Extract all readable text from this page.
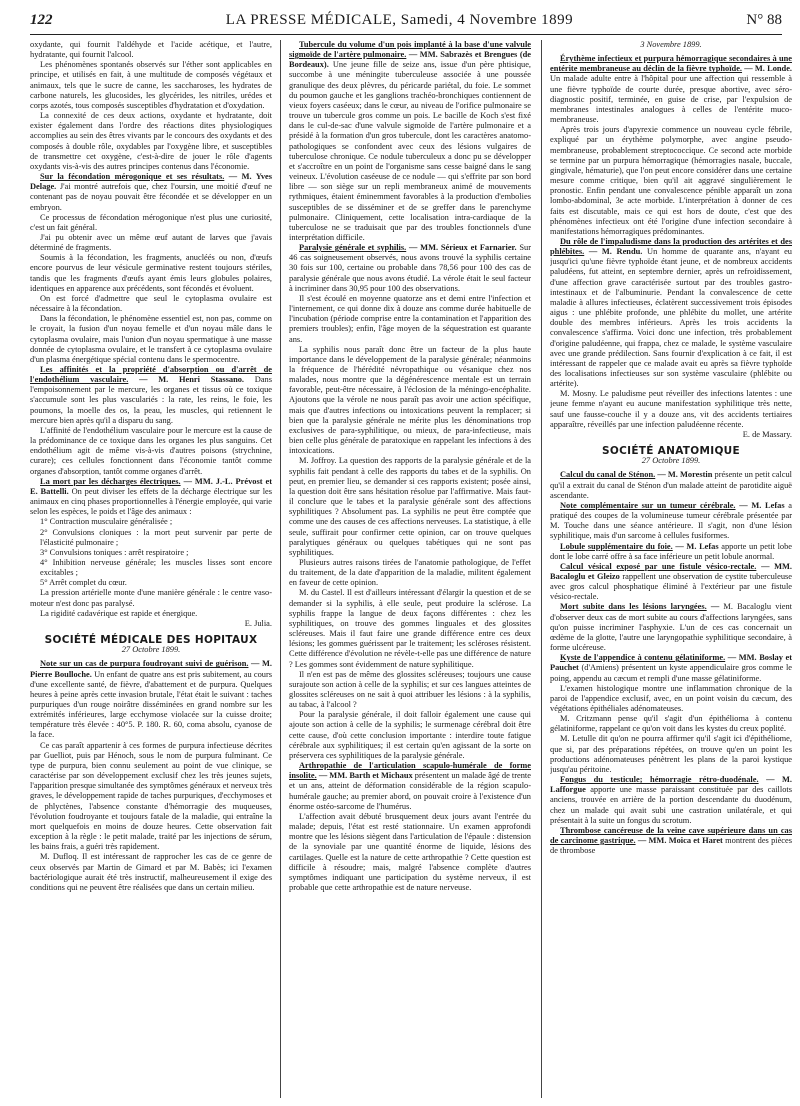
122	LA PRESSE MÉDICALE, Samedi, 4 Novembre 1899	N° 88

oxydante, qui fournit l'aldéhyde et l'acide acétique, et l'autre, hydratante, qui fournit l'alcool.

Les phénomènes spontanés observés sur l'éther sont applicables en principe, et utilisés en fait, à une multitude de composés végétaux et animaux, tels que le sucre de canne, les saccharoses, les hydrates de carbone naturels, les glucosides, les glycérides, les nitriles, urédes et corps azotés, tous composés susceptibles d'hydratation et d'oxydation.

La connexité de ces deux actions, oxydante et hydratante, doit exister également dans l'ordre des réactions dites physiologiques accomplies au sein des êtres vivants par le concours des oxydants et des composés à double rôle, oxydables par l'oxygène libre, et susceptibles de transmettre cet oxygène, c'est-à-dire de jouer le rôle d'agents oxydants vis-à-vis des autres principes contenus dans l'économie.

Sur la fécondation mérogonique et ses résultats. — M. Yves Delage. J'ai montré autrefois que, chez l'oursin, une moitié d'œuf ne contenant pas de noyau pouvait être fécondée et se développer en un embryon.

Ce processus de fécondation mérogonique n'est plus une curiosité, c'est un fait général.

J'ai pu obtenir avec un même œuf autant de larves que j'avais déterminé de fragments.

Soumis à la fécondation, les fragments, anucléés ou non, d'œufs encore pourvus de leur vésicule germinative restent toujours stériles, tandis que les fragments d'œufs ayant émis leurs globules polaires, identiques en apparence aux précédents, sont fécondés et évoluent.

On est forcé d'admettre que seul le cytoplasma ovulaire est nécessaire à la fécondation.

Dans la fécondation, le phénomène essentiel est, non pas, comme on le croyait, la fusion d'un noyau femelle et d'un noyau mâle dans le cytoplasma ovulaire, mais l'union d'un noyau spermatique à une masse donnée de cytoplasma ovulaire, et le transfert à ce cytoplasma ovulaire d'un plasma énergétique spécial contenu dans le spermocentre.

Les affinités et la propriété d'absorption ou d'arrêt de l'endothélium vasculaire. — M. Henri Stassano. Dans l'empoisonnement par le mercure, les organes et tissus où ce toxique s'accumule sont les plus vasculariés : la rate, les reins, le foie, les poumons, la moelle des os, la peau, les muscles, qui retiennent le mercure bien après qu'il a disparu du sang.

L'affinité de l'endothélium vasculaire pour le mercure est la cause de la prédominance de ce toxique dans les organes les plus sanguins. Cet endothélium agit de même vis-à-vis d'autres poisons (strychnine, curare); ces cellules fonctionnent dans l'économie tantôt comme organes d'absorption, tantôt comme organes d'arrêt.

La mort par les décharges électriques. — MM. J.-L. Prévost et E. Battelli. On peut diviser les effets de la décharge électrique sur les animaux en cinq phases proportionnelles à l'énergie employée, qui varie selon les espèces, le poids et l'âge des animaux :

1° Contraction musculaire généralisée ;

2° Convulsions cloniques : la mort peut survenir par perte de l'élasticité pulmonaire ;

3° Convulsions toniques : arrêt respiratoire ;

4° Inhibition nerveuse générale; les muscles lisses sont encore excitables ;

5° Arrêt complet du cœur.

La pression artérielle monte d'une manière générale : le centre vaso-moteur n'est donc pas paralysé.

La rigidité cadavérique est rapide et énergique.

E. Julia.
SOCIÉTÉ MÉDICALE DES HOPITAUX
27 Octobre 1899.

Note sur un cas de purpura foudroyant suivi de guérison. — M. Pierre Boulloche. Un enfant de quatre ans est pris subitement, au cours d'une excellente santé, de fièvre, d'abattement et de purpura. Quelques heures à peine après cette invasion brutale, l'état était le suivant : taches purpuriques d'un rouge noirâtre disséminées en grand nombre sur les extrémités inférieures, large ecchymose violacée sur la cuisse droite; température très élevée : 40°5. P. 180. R. 60, coma absolu, cyanose de la face.

Ce cas paraît appartenir à ces formes de purpura infectieuse décrites par Guelliot, puis par Hénoch, sous le nom de purpura fulminant. Ce type de purpura, bien connu seulement au point de vue clinique, se caractérise par son développement exclusif chez les très jeunes sujets, l'apparition presque simultanée des symptômes généraux et nerveux très graves, le développement rapide de taches purpuriques, d'ecchymoses et de phlyctènes, l'absence constante d'hémorragie des muqueuses, l'évolution foudroyante et toujours fatale de la maladie, qui entraîne la mort quelquefois en moins de douze heures. Cette observation fait exception à la règle : le petit malade, traité par les injections de sérum, les bains frais, a guéri très rapidement.

M. Dufloq. Il est intéressant de rapprocher les cas de ce genre de ceux observés par Martin de Gimard et par M. Babès; ici l'examen bactériologique aurait été très instructif, malheureusement il exige des conditions qui ne peuvent être réalisées que dans un certain milieu.

Tubercule du volume d'un pois implanté à la base d'une valvule sigmoïde de l'artère pulmonaire. — MM. Sabrazès et Brengues (de Bordeaux). Une jeune fille de seize ans, issue d'un père phtisique, succombe à une méningite tuberculeuse associée à une poussée granulique des deux plèvres, du péricarde pariétal, du foie. Le sommet du poumon gauche et les ganglions trachéo-bronchiques contiennent de vieux foyers caséeux; dans le cœur, au niveau de l'orifice pulmonaire se trouve un tubercule gros comme un pois. Le bacille de Koch s'est fixé dans le cul-de-sac d'une valvule sigmoïde de l'artère pulmonaire et a présidé à la formation d'un gros tubercule, dont les caractères anatomo-pathologiques se confondent avec ceux des lésions vulgaires de tuberculose chronique. Ce nodule tuberculeux a donc pu se développer et s'accroître en un point de l'organisme sans cesse baigné dans le sang veineux. L'évolution caséeuse de ce nodule — qui s'effrite par son bord libre — son siège sur un repli membraneux animé de mouvements rythmiques, étaient éminemment favorables à la production d'embolies susceptibles de se disséminer et de se greffer dans le parenchyme pulmonaire. Cliniquement, cette localisation intra-cardiaque de la tuberculose ne se traduisait que par des troubles fonctionnels d'une interprétation difficile.

Paralysie générale et syphilis. — MM. Sérieux et Farnarier. Sur 46 cas soigneusement observés, nous avons trouvé la syphilis certaine 30 fois sur 100, certaine ou probable dans 78,56 pour 100 des cas de paralysie générale que nous avons étudié. La vérole était le seul facteur à incriminer dans 30,95 pour 100 des observations.

Il s'est écoulé en moyenne quatorze ans et demi entre l'infection et l'internement, ce qui donne dix à douze ans comme durée habituelle de l'incubation (période comprise entre la contamination et l'apparition des premiers troubles); enfin, l'âge moyen de la séquestration est quarante ans.

La syphilis nous paraît donc être un facteur de la plus haute importance dans le développement de la paralysie générale; néanmoins la fréquence de l'hérédité névropathique ou vésanique chez nos malades, nous montre que la dégénérescence mentale est un terrain favorable, peut-être nécessaire, à l'éclosion de la méningo-encéphalite. Ajoutons que la vérole ne nous paraît pas avoir une action spécifique, mais que d'autres infections ou intoxications peuvent la remplacer; si bien que la paralysie générale ne mérite plus les dénominations trop exclusives de para-syphilitique, ou mieux, de para-infectieuse, mais bien celle plus générale de paratoxique en rappelant les infections à des intoxications.

M. Joffroy. La question des rapports de la paralysie générale et de la syphilis fait pendant à celle des rapports du tabes et de la syphilis. On peut, en premier lieu, se demander si ces rapports existent; posée ainsi, la question doit être sans hésitation résolue par l'affirmative. Mais faut-il conclure que le tabes et la paralysie générale sont des affections syphilitiques ? Absolument pas. La syphilis ne peut être comptée que comme une des causes de ces affections nerveuses. La statistique, à elle seule, suffirait pour confirmer cette opinion, car on trouve quelques paralytiques généraux ou quelques tabétiques qui ne sont pas syphilitiques.

Plusieurs autres raisons tirées de l'anatomie pathologique, de l'effet du traitement, de la date d'apparition de la maladie, militent également en faveur de cette opinion.

M. du Castel. Il est d'ailleurs intéressant d'élargir la question et de se demander si la syphilis, à elle seule, peut produire la sclérose. La syphilis frappe la langue de deux façons différentes : chez les syphilitiques, on trouve des gommes linguales et des glossites scléreuses. Mais il faut faire une grande différence entre ces deux lésions; les gommes guérissent par le traitement; les scléroses résistent. Cette différence d'évolution ne révèle-t-elle pas une différence de nature ? Les gommes sont évidemment de nature syphilitique.

Il n'en est pas de même des glossites scléreuses; toujours une cause surajoute son action à celle de la syphilis; et sur ces langues atteintes de glossites scléreuses on ne sait à quoi attribuer les lésions : à la syphilis, au tabac, à l'alcool ?

Pour la paralysie générale, il doit falloir également une cause qui ajoute son action à celle de la syphilis; le surmenage cérébral doit être cette cause, d'où cette conclusion importante : interdire toute fatigue cérébrale aux syphilitiques; il est certain qu'en agissant de la sorte on préservera ces syphilitiques de la paralysie générale.

Arthropathie de l'articulation scapulo-humérale de forme insolite. — MM. Barth et Michaux présentent un malade âgé de trente et un ans, atteint de déformation considérable de la région scapulo-humérale gauche; au premier abord, on pouvait croire à l'existence d'un énorme ostéo-sarcome de l'humérus.

L'affection avait débuté brusquement deux jours avant l'entrée du malade; depuis, l'état est resté stationnaire. Un examen approfondi montre que les lésions siègent dans l'articulation de l'épaule : distension de la synoviale par une quantité énorme de liquide, lésions des cartilages. Quelle est la nature de cette arthropathie ? Cette question est difficile à résoudre; mais, malgré l'absence complète d'autres symptômes indiquant une participation du système nerveux, il est probable que cette arthropathie est de nature nerveuse.

3 Novembre 1899.

Érythème infectieux et purpura hémorragique secondaires à une entérite membraneuse au déclin de la fièvre typhoïde. — M. Londe. Un malade adulte entre à l'hôpital pour une affection qui ressemble à une fièvre typhoïde de courte durée, presque abortive, avec séro-diagnostic positif, terminée, en guise de crise, par l'expulsion de membranes intestinales analogues à celles de l'entérite muco-membraneuse.

Après trois jours d'apyrexie commence un nouveau cycle fébrile, expliqué par un érythème polymorphe, avec angine pseudo-membraneuse, probablement streptococcique. Ce second acte morbide se termine par un purpura hémorragique (hémorragies nasale, buccale, gingivale, hématurie), que l'on peut encore considérer dans une certaine mesure comme critique, bien qu'il ait aggravé singulièrement le pronostic. Enfin pendant une convalescence pénible apparaît un zona lombo-abdominal, 3e acte morbide. L'interprétation à donner de ces faits est discutable, mais ce qui est hors de doute, c'est que des phénomènes infectieux ont été l'origine d'une infection secondaire à manifestations hémorragiques prédominantes.

Du rôle de l'impaludisme dans la production des artérites et des phlébites. — M. Rendu. Un homme de quarante ans, n'ayant eu jusqu'ici qu'une fièvre typhoïde étant jeune, et de nombreux accidents paludéens, fut atteint, en septembre dernier, après un refroidissement, d'une affection grave caractérisée surtout par des troubles gastro-intestinaux et de l'albuminurie. Pendant la convalescence de cette maladie à allures infectieuses, éclatèrent successivement trois épisodes aigus : une phlébite profonde, une phlébite du mollet, une artérite double des membres inférieurs. Après les trois accidents la convalescence s'affirma. Voici donc une infection, très probablement d'origine paludéenne, qui frappa, chez ce malade, le système vasculaire avec une grande prédilection. Sans fournir d'explication à ce fait, il est intéressant de rappeler que ce malade avait eu après sa fièvre typhoïde des localisations infectieuses sur son système vasculaire (phlébite ou artérite).

M. Mosny. Le paludisme peut réveiller des infections latentes : une jeune femme n'ayant eu aucune manifestation syphilitique très nette, sauf une fausse-couche il y a douze ans, vit des accidents tertiaires apparaître, réveillés par une infection paludéenne récente.

E. de Massary.
SOCIÉTÉ ANATOMIQUE
27 Octobre 1899.

Calcul du canal de Sténon. — M. Morestin présente un petit calcul qu'il a extrait du canal de Sténon d'un malade atteint de parotidite aiguë ascendante.

Note complémentaire sur un tumeur cérébrale. — M. Lefas a pratiqué des coupes de la volumineuse tumeur cérébrale présentée par M. Touche dans une séance antérieure. Il s'agit, non d'une lésion syphilitique, mais d'un sarcome à cellules fusiformes.

Lobule supplémentaire du foie. — M. Lefas apporte un petit lobe dont le lobe carré offre à sa face inférieure un petit lobule anormal.

Calcul vésical exposé par une fistule vésico-rectale. — MM. Bacaloglu et Gleizo rappellent une observation de cystite tuberculeuse avec gros calcul phosphatique éliminé à l'extérieur par une fistule vésico-rectale.

Mort subite dans les lésions laryngées. — M. Bacaloglu vient d'observer deux cas de mort subite au cours d'affections laryngées, sans qu'on puisse incriminer l'asphyxie. L'un de ces cas concernait un œdème de la glotte, l'autre une laryngopathie syphilitique secondaire, à forme ulcéreuse.

Kyste de l'appendice à contenu gélatiniforme. — MM. Boslay et Pauchet (d'Amiens) présentent un kyste appendiculaire gros comme le poing, appendu au cæcum et rempli d'une masse gélatiniforme.

L'examen histologique montre une inflammation chronique de la paroi de l'appendice exclusif, avec, en un point voisin du cæcum, des végétations épithéliales adénomateuses.

M. Critzmann pense qu'il s'agit d'un épithélioma à contenu gélatiniforme, rappelant ce qu'on voit dans les kystes du creux poplité.

M. Letulle dit qu'on ne pourra affirmer qu'il s'agit ici d'épithéliome, que si, par des préparations répétées, on trouve qu'en un point les productions adénomateuses pénètrent les plans de la paroi kystique jusqu'au péritoine.

Fongus du testicule; hémorragie rétro-duodénale. — M. Lafforgue apporte une masse paraissant constituée par des caillots anciens, trouvée en arrière de la portion descendante du duodénum, chez un malade qui avait subi une castration unilatérale, et qui présentait à la suite un fongus du scrotum.

Thrombose cancéreuse de la veine cave supérieure dans un cas de carcinome gastrique. — MM. Moica et Haret montrent des pièces de thrombose
